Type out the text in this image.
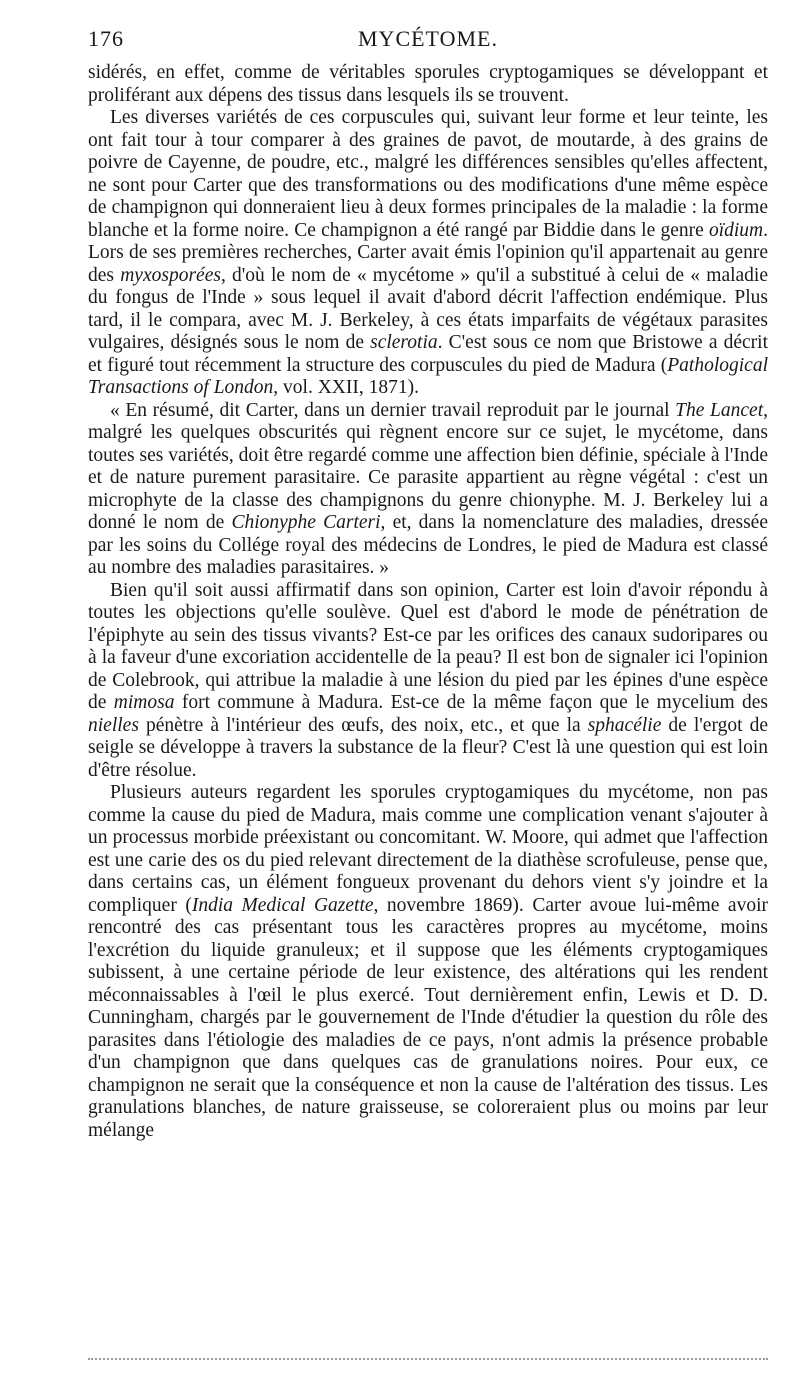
176	MYCÉTOME.

sidérés, en effet, comme de véritables sporules cryptogamiques se développant et proliférant aux dépens des tissus dans lesquels ils se trouvent.

Les diverses variétés de ces corpuscules qui, suivant leur forme et leur teinte, les ont fait tour à tour comparer à des graines de pavot, de moutarde, à des grains de poivre de Cayenne, de poudre, etc., malgré les différences sensibles qu'elles affectent, ne sont pour Carter que des transformations ou des modifications d'une même espèce de champignon qui donneraient lieu à deux formes principales de la maladie : la forme blanche et la forme noire. Ce champignon a été rangé par Biddie dans le genre oïdium. Lors de ses premières recherches, Carter avait émis l'opinion qu'il appartenait au genre des myxosporées, d'où le nom de « mycétome » qu'il a substitué à celui de « maladie du fongus de l'Inde » sous lequel il avait d'abord décrit l'affection endémique. Plus tard, il le compara, avec M. J. Berkeley, à ces états imparfaits de végétaux parasites vulgaires, désignés sous le nom de sclerotia. C'est sous ce nom que Bristowe a décrit et figuré tout récemment la structure des corpuscules du pied de Madura (Pathological Transactions of London, vol. XXII, 1871).

« En résumé, dit Carter, dans un dernier travail reproduit par le journal The Lancet, malgré les quelques obscurités qui règnent encore sur ce sujet, le mycétome, dans toutes ses variétés, doit être regardé comme une affection bien définie, spéciale à l'Inde et de nature purement parasitaire. Ce parasite appartient au règne végétal : c'est un microphyte de la classe des champignons du genre chionyphe. M. J. Berkeley lui a donné le nom de Chionyphe Carteri, et, dans la nomenclature des maladies, dressée par les soins du Collége royal des médecins de Londres, le pied de Madura est classé au nombre des maladies parasitaires. »

Bien qu'il soit aussi affirmatif dans son opinion, Carter est loin d'avoir répondu à toutes les objections qu'elle soulève. Quel est d'abord le mode de pénétration de l'épiphyte au sein des tissus vivants? Est-ce par les orifices des canaux sudoripares ou à la faveur d'une excoriation accidentelle de la peau? Il est bon de signaler ici l'opinion de Colebrook, qui attribue la maladie à une lésion du pied par les épines d'une espèce de mimosa fort commune à Madura. Est-ce de la même façon que le mycelium des nielles pénètre à l'intérieur des œufs, des noix, etc., et que la sphacélie de l'ergot de seigle se développe à travers la substance de la fleur? C'est là une question qui est loin d'être résolue.

Plusieurs auteurs regardent les sporules cryptogamiques du mycétome, non pas comme la cause du pied de Madura, mais comme une complication venant s'ajouter à un processus morbide préexistant ou concomitant. W. Moore, qui admet que l'affection est une carie des os du pied relevant directement de la diathèse scrofuleuse, pense que, dans certains cas, un élément fongueux provenant du dehors vient s'y joindre et la compliquer (India Medical Gazette, novembre 1869). Carter avoue lui-même avoir rencontré des cas présentant tous les caractères propres au mycétome, moins l'excrétion du liquide granuleux; et il suppose que les éléments cryptogamiques subissent, à une certaine période de leur existence, des altérations qui les rendent méconnaissables à l'œil le plus exercé. Tout dernièrement enfin, Lewis et D. D. Cunningham, chargés par le gouvernement de l'Inde d'étudier la question du rôle des parasites dans l'étiologie des maladies de ce pays, n'ont admis la présence probable d'un champignon que dans quelques cas de granulations noires. Pour eux, ce champignon ne serait que la conséquence et non la cause de l'altération des tissus. Les granulations blanches, de nature graisseuse, se coloreraient plus ou moins par leur mélange
